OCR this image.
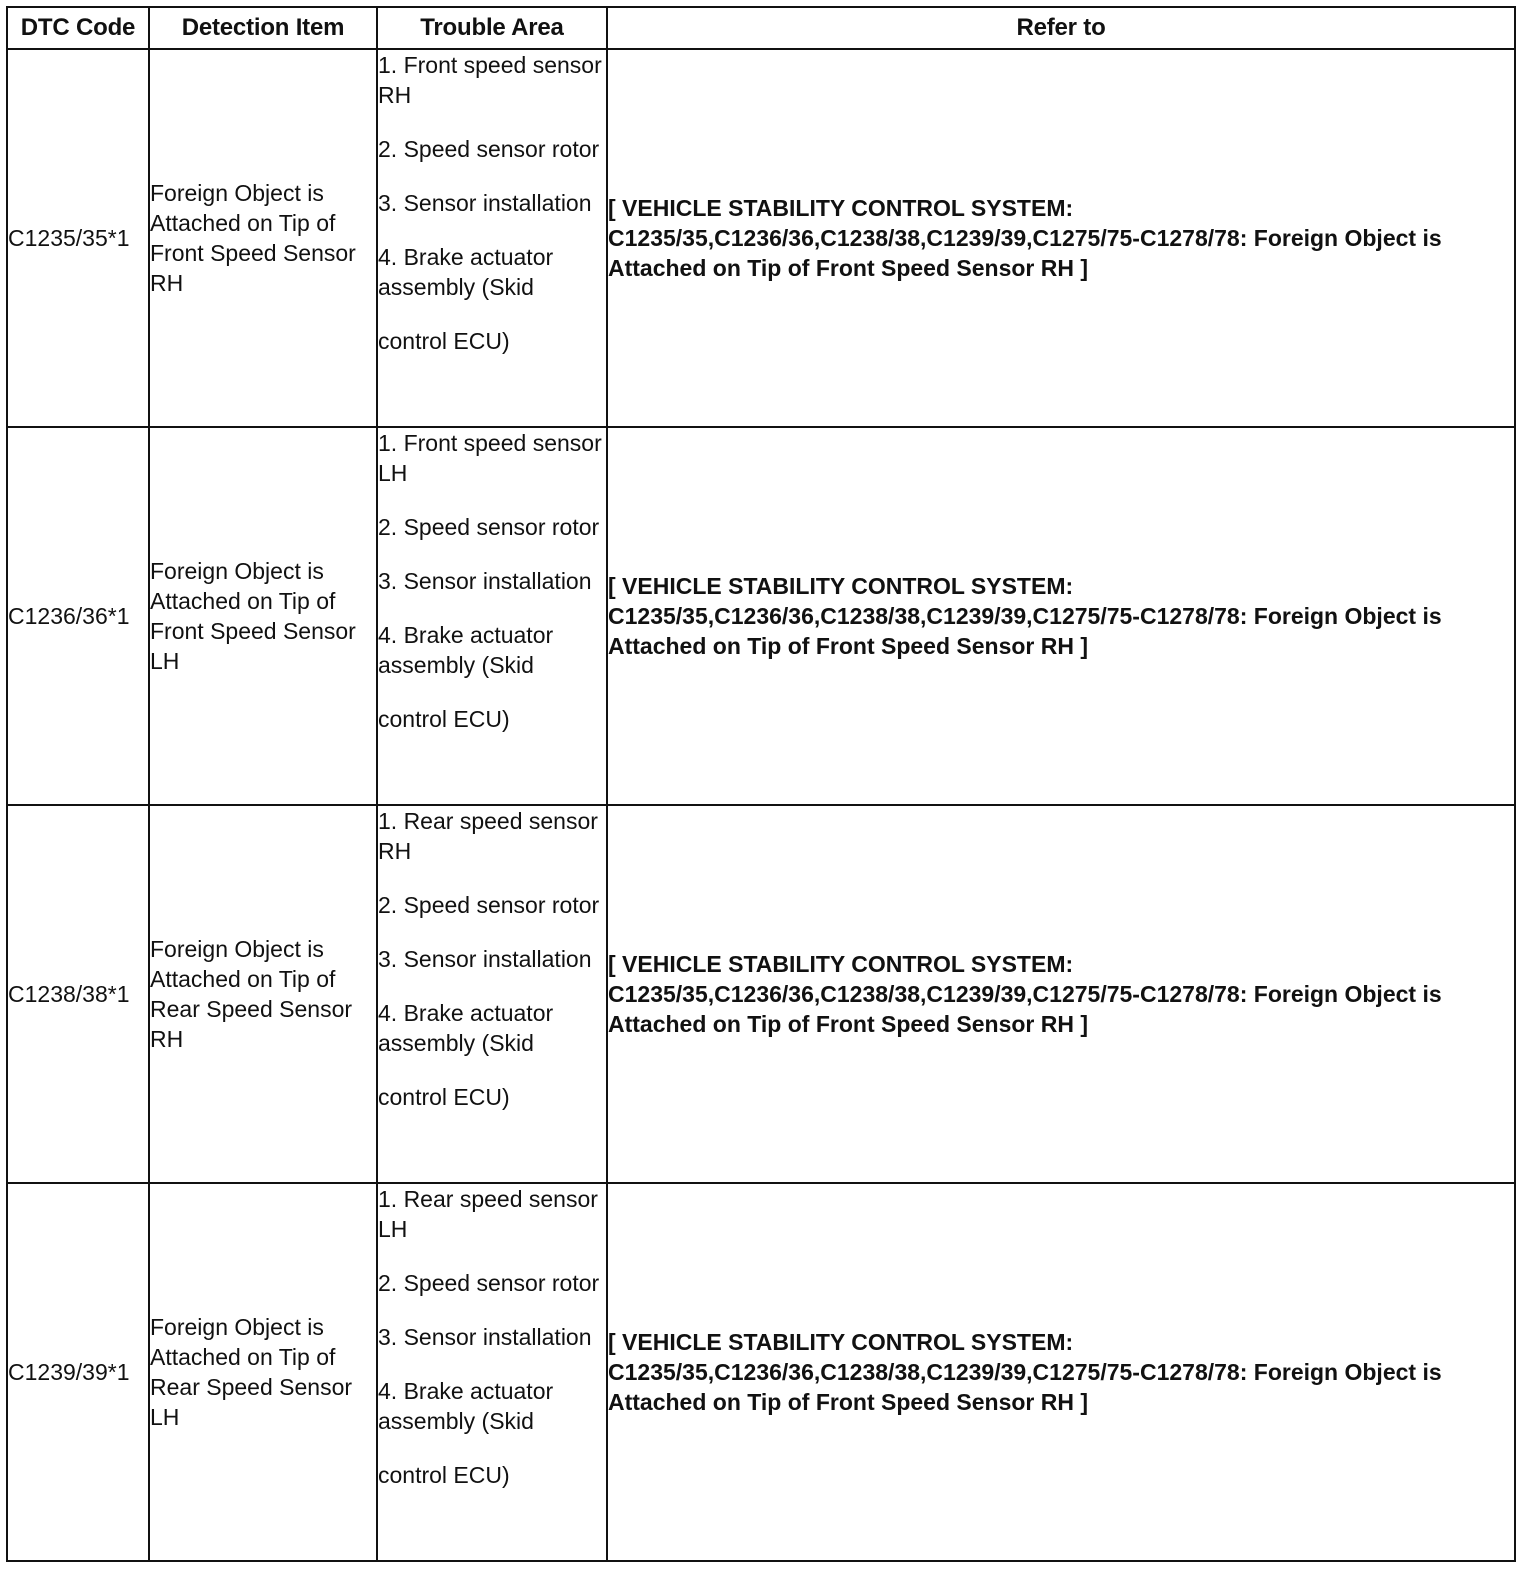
DTC Code	Detection Item	Trouble Area	Refer to
C1235/35*1	Foreign Object is Attached on Tip of Front Speed Sensor RH	1. Front speed sensor RH
2. Speed sensor rotor
3. Sensor installation
4. Brake actuator assembly (Skid
control ECU)	[ VEHICLE STABILITY CONTROL SYSTEM: C1235/35,C1236/36,C1238/38,C1239/39,C1275/75-C1278/78: Foreign Object is Attached on Tip of Front Speed Sensor RH ]
C1236/36*1	Foreign Object is Attached on Tip of Front Speed Sensor LH	1. Front speed sensor LH
2. Speed sensor rotor
3. Sensor installation
4. Brake actuator assembly (Skid
control ECU)	[ VEHICLE STABILITY CONTROL SYSTEM: C1235/35,C1236/36,C1238/38,C1239/39,C1275/75-C1278/78: Foreign Object is Attached on Tip of Front Speed Sensor RH ]
C1238/38*1	Foreign Object is Attached on Tip of Rear Speed Sensor RH	1. Rear speed sensor RH
2. Speed sensor rotor
3. Sensor installation
4. Brake actuator assembly (Skid
control ECU)	[ VEHICLE STABILITY CONTROL SYSTEM: C1235/35,C1236/36,C1238/38,C1239/39,C1275/75-C1278/78: Foreign Object is Attached on Tip of Front Speed Sensor RH ]
C1239/39*1	Foreign Object is Attached on Tip of Rear Speed Sensor LH	1. Rear speed sensor LH
2. Speed sensor rotor
3. Sensor installation
4. Brake actuator assembly (Skid
control ECU)	[ VEHICLE STABILITY CONTROL SYSTEM: C1235/35,C1236/36,C1238/38,C1239/39,C1275/75-C1278/78: Foreign Object is Attached on Tip of Front Speed Sensor RH ]
